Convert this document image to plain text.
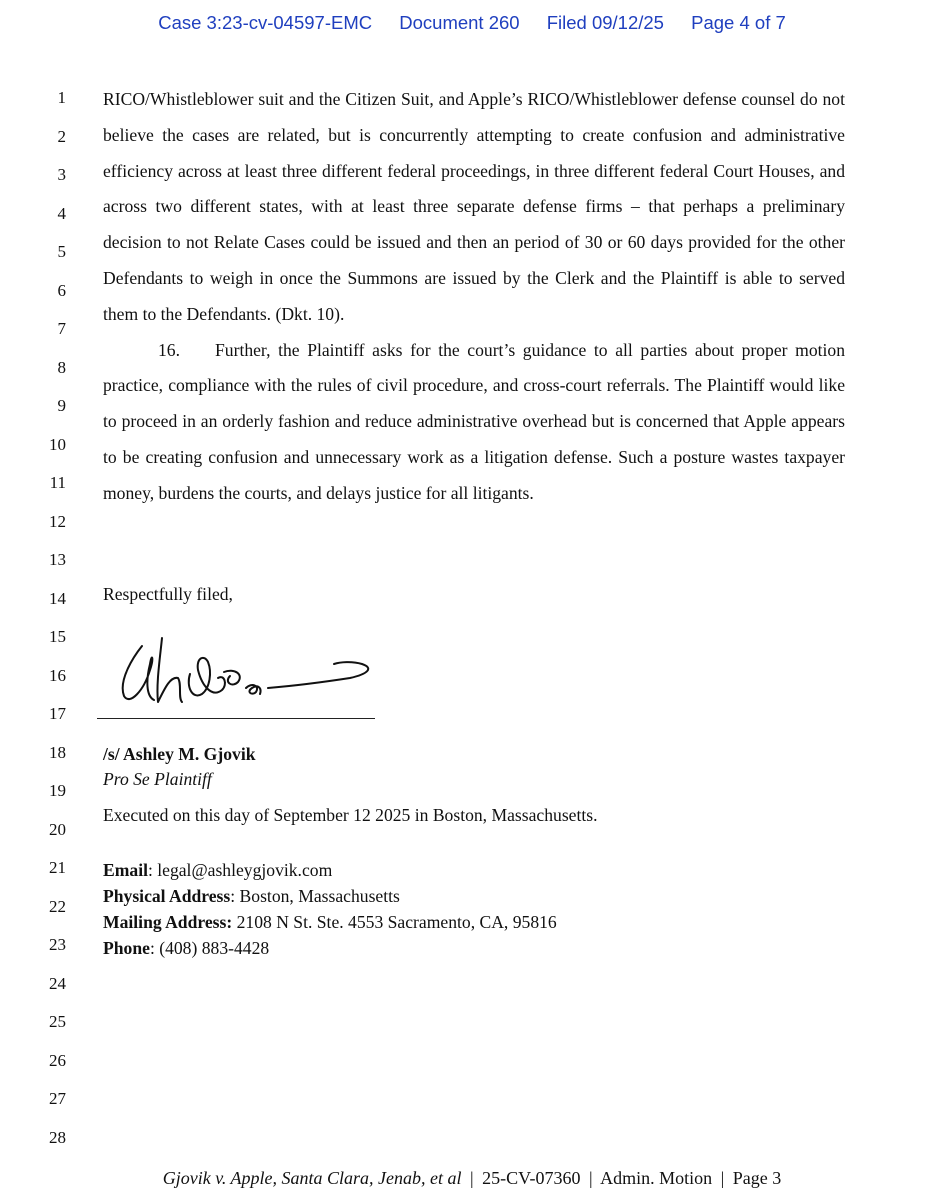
Case 3:23-cv-04597-EMC Document 260 Filed 09/12/25 Page 4 of 7
1
2
3
4
5
6
7
8
9
10
11
12
13
14
15
16
17
18
19
20
21
22
23
24
25
26
27
28

RICO/Whistleblower suit and the Citizen Suit, and Apple’s RICO/Whistleblower defense counsel do not believe the cases are related, but is concurrently attempting to create confusion and administrative efficiency across at least three different federal proceedings, in three different federal Court Houses, and across two different states, with at least three separate defense firms – that perhaps a preliminary decision to not Relate Cases could be issued and then an period of 30 or 60 days provided for the other Defendants to weigh in once the Summons are issued by the Clerk and the Plaintiff is able to served them to the Defendants. (Dkt. 10).

16. Further, the Plaintiff asks for the court’s guidance to all parties about proper motion practice, compliance with the rules of civil procedure, and cross-court referrals. The Plaintiff would like to proceed in an orderly fashion and reduce administrative overhead but is concerned that Apple appears to be creating confusion and unnecessary work as a litigation defense. Such a posture wastes taxpayer money, burdens the courts, and delays justice for all litigants.

Respectfully filed,
/s/ Ashley M. Gjovik
Pro Se Plaintiff
Executed on this day of September 12 2025 in Boston, Massachusetts.
Email: legal@ashleygjovik.com
Physical Address: Boston, Massachusetts
Mailing Address: 2108 N St. Ste. 4553 Sacramento, CA, 95816
Phone: (408) 883-4428
Gjovik v. Apple, Santa Clara, Jenab, et al | 25-CV-07360 | Admin. Motion | Page 3
